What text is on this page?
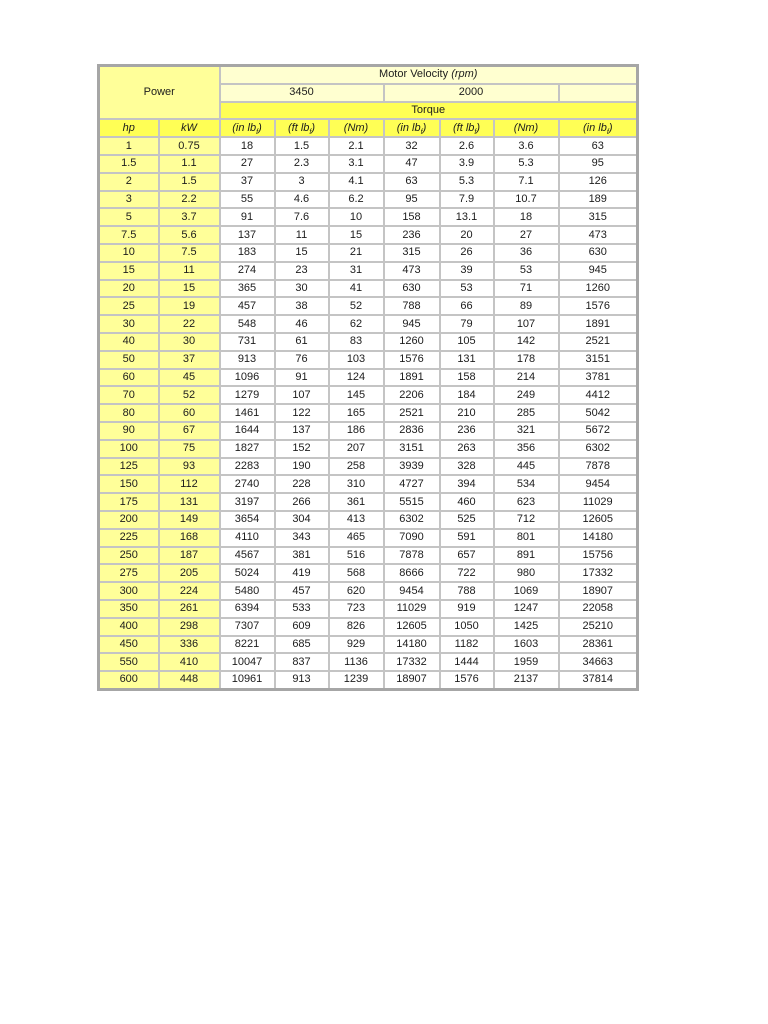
Power		Motor Velocity (rpm)						
		3450			2000			
		Torque						
hp	kW	(in $lb_f$)	(ft $lb_f$)	(Nm)	(in $lb_f$)	(ft $lb_f$)	(Nm)	(in $lb_f$)
1	0.75	18	1.5	2.1	32	2.6	3.6	63
1.5	1.1	27	2.3	3.1	47	3.9	5.3	95
2	1.5	37	3	4.1	63	5.3	7.1	126
3	2.2	55	4.6	6.2	95	7.9	10.7	189
5	3.7	91	7.6	10	158	13.1	18	315
7.5	5.6	137	11	15	236	20	27	473
10	7.5	183	15	21	315	26	36	630
15	11	274	23	31	473	39	53	945
20	15	365	30	41	630	53	71	1260
25	19	457	38	52	788	66	89	1576
30	22	548	46	62	945	79	107	1891
40	30	731	61	83	1260	105	142	2521
50	37	913	76	103	1576	131	178	3151
60	45	1096	91	124	1891	158	214	3781
70	52	1279	107	145	2206	184	249	4412
80	60	1461	122	165	2521	210	285	5042
90	67	1644	137	186	2836	236	321	5672
100	75	1827	152	207	3151	263	356	6302
125	93	2283	190	258	3939	328	445	7878
150	112	2740	228	310	4727	394	534	9454
175	131	3197	266	361	5515	460	623	11029
200	149	3654	304	413	6302	525	712	12605
225	168	4110	343	465	7090	591	801	14180
250	187	4567	381	516	7878	657	891	15756
275	205	5024	419	568	8666	722	980	17332
300	224	5480	457	620	9454	788	1069	18907
350	261	6394	533	723	11029	919	1247	22058
400	298	7307	609	826	12605	1050	1425	25210
450	336	8221	685	929	14180	1182	1603	28361
550	410	10047	837	1136	17332	1444	1959	34663
600	448	10961	913	1239	18907	1576	2137	37814
